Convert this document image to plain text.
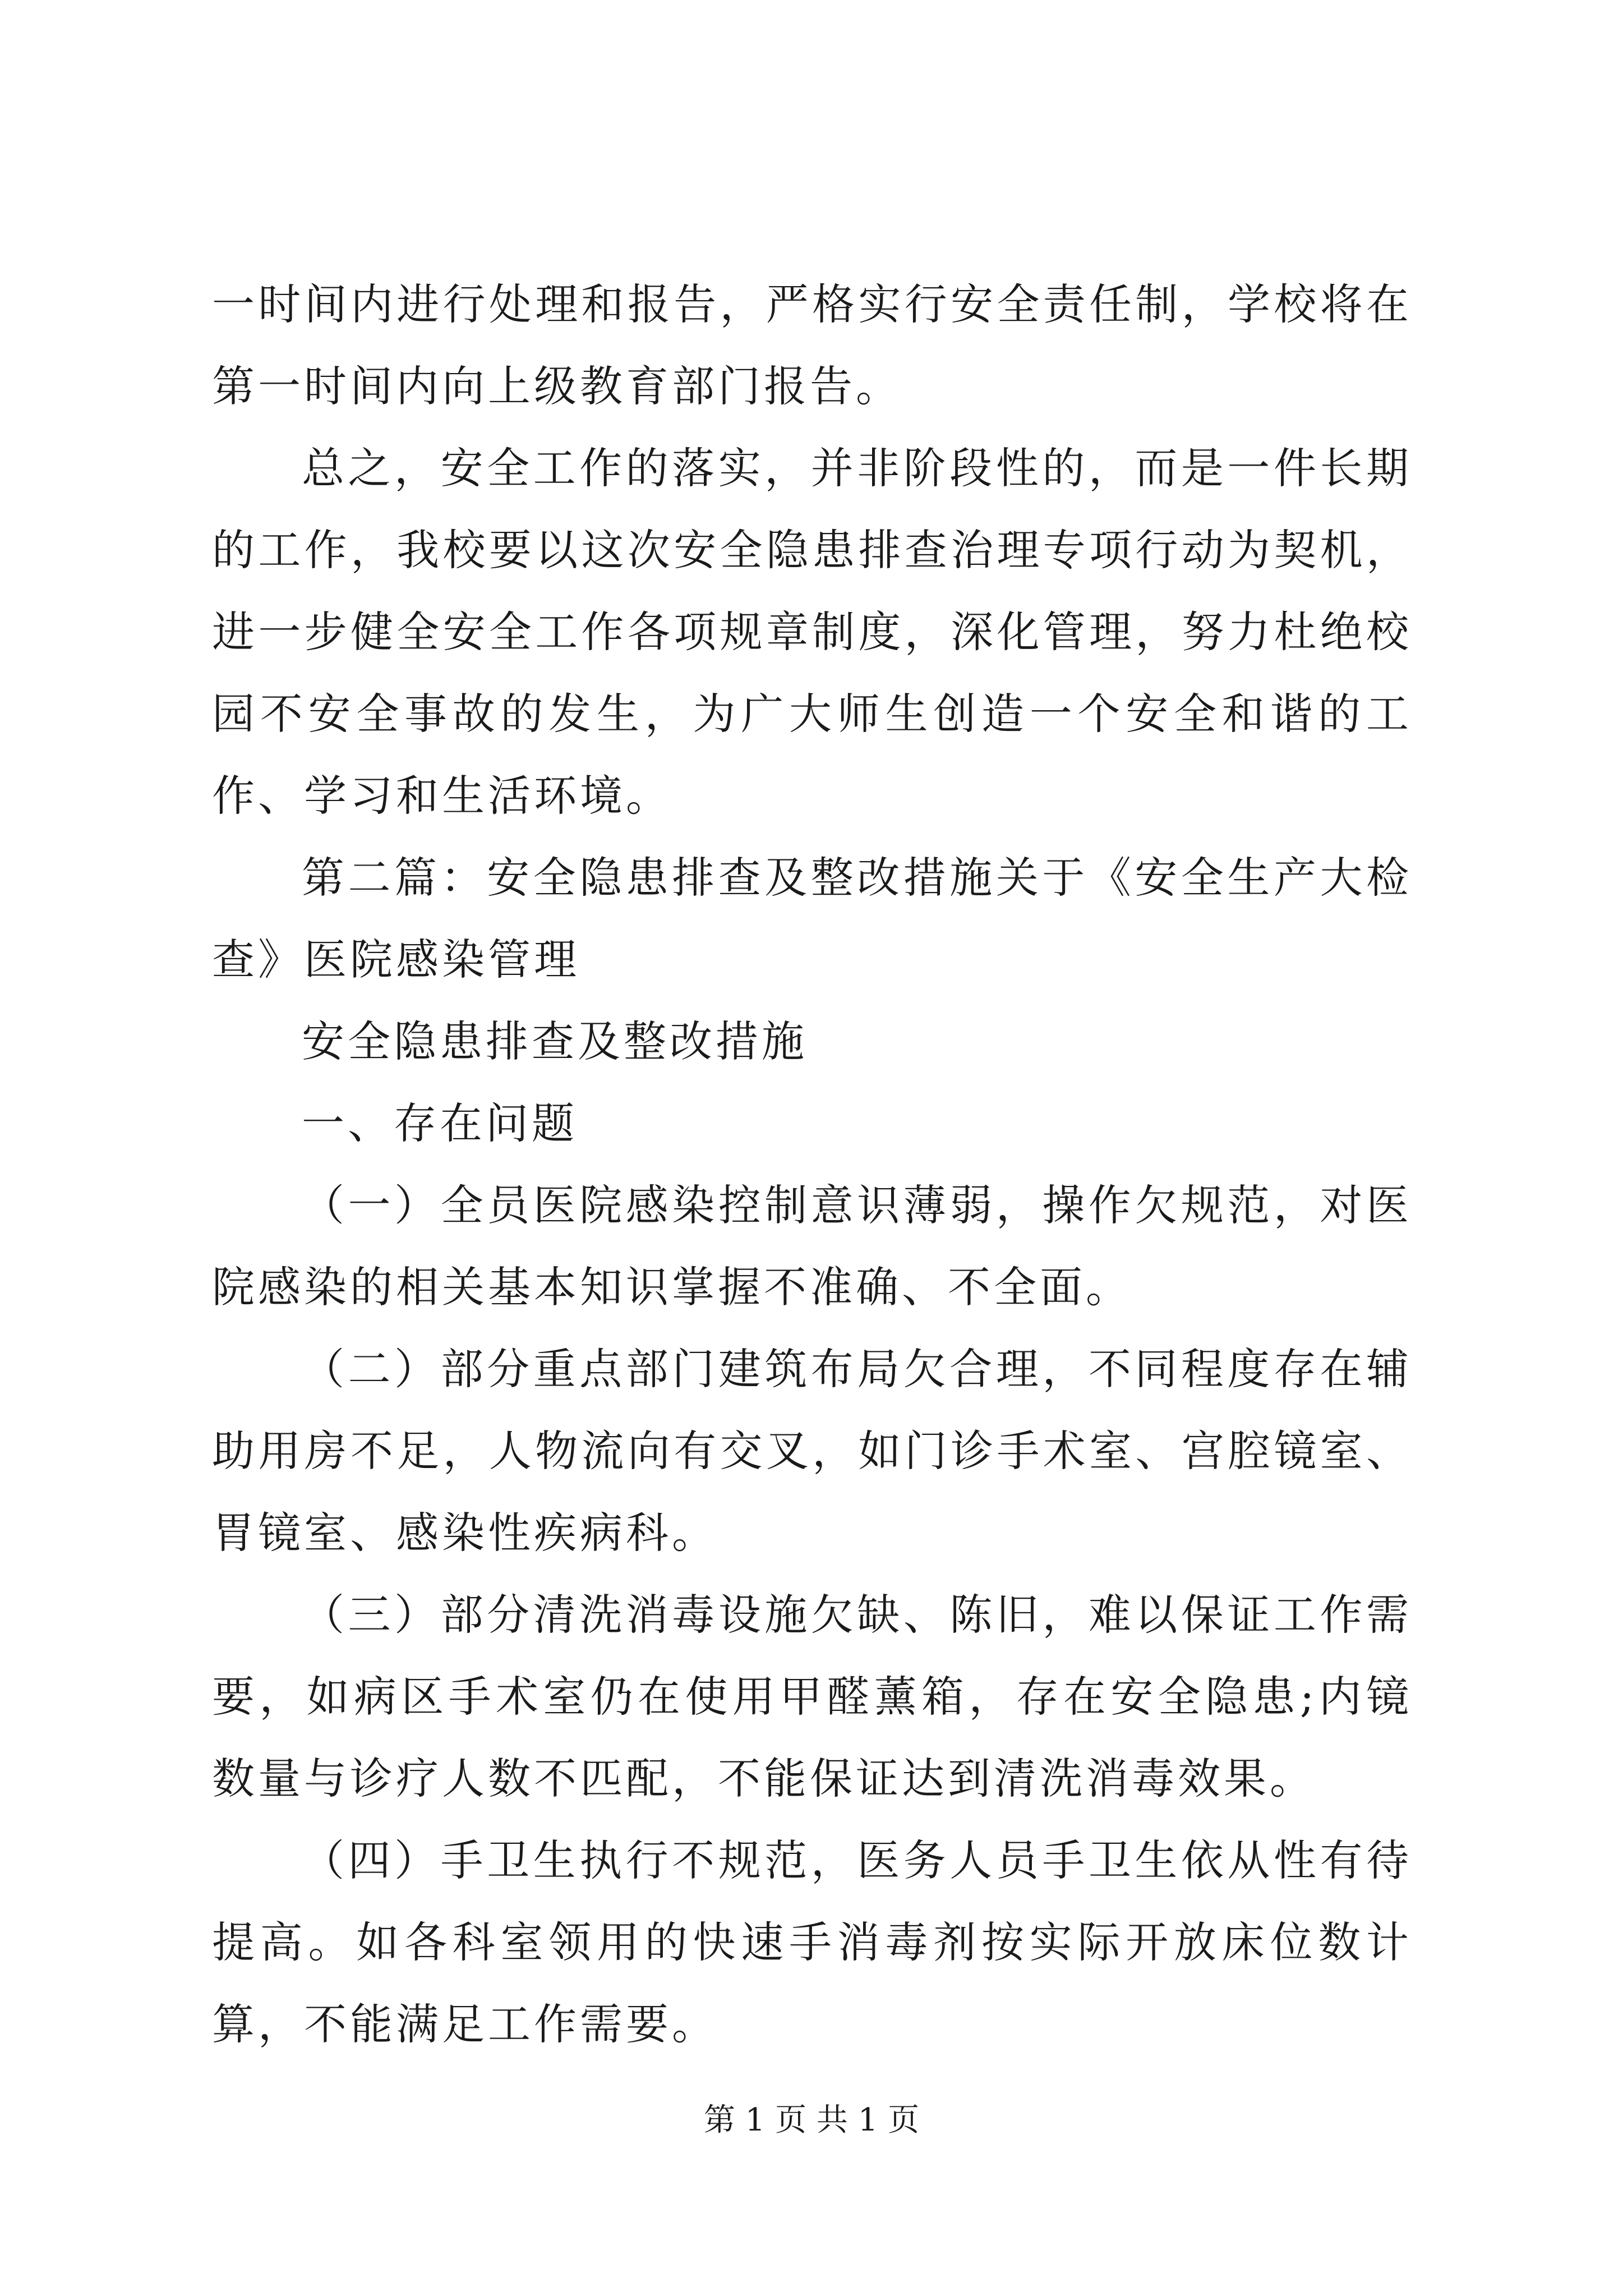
一时间内进行处理和报告，严格实行安全责任制，学校将在第一时间内向上级教育部门报告。

总之，安全工作的落实，并非阶段性的，而是一件长期的工作，我校要以这次安全隐患排查治理专项行动为契机，进一步健全安全工作各项规章制度，深化管理，努力杜绝校园不安全事故的发生，为广大师生创造一个安全和谐的工作、学习和生活环境。

第二篇：安全隐患排查及整改措施关于《安全生产大检查》医院感染管理

安全隐患排查及整改措施

一、存在问题

（一）全员医院感染控制意识薄弱，操作欠规范，对医院感染的相关基本知识掌握不准确、不全面。

（二）部分重点部门建筑布局欠合理，不同程度存在辅助用房不足，人物流向有交叉，如门诊手术室、宫腔镜室、胃镜室、感染性疾病科。

（三）部分清洗消毒设施欠缺、陈旧，难以保证工作需要，如病区手术室仍在使用甲醛薰箱，存在安全隐患;内镜数量与诊疗人数不匹配，不能保证达到清洗消毒效果。

（四）手卫生执行不规范，医务人员手卫生依从性有待提高。如各科室领用的快速手消毒剂按实际开放床位数计算，不能满足工作需要。

第 1 页 共 1 页
